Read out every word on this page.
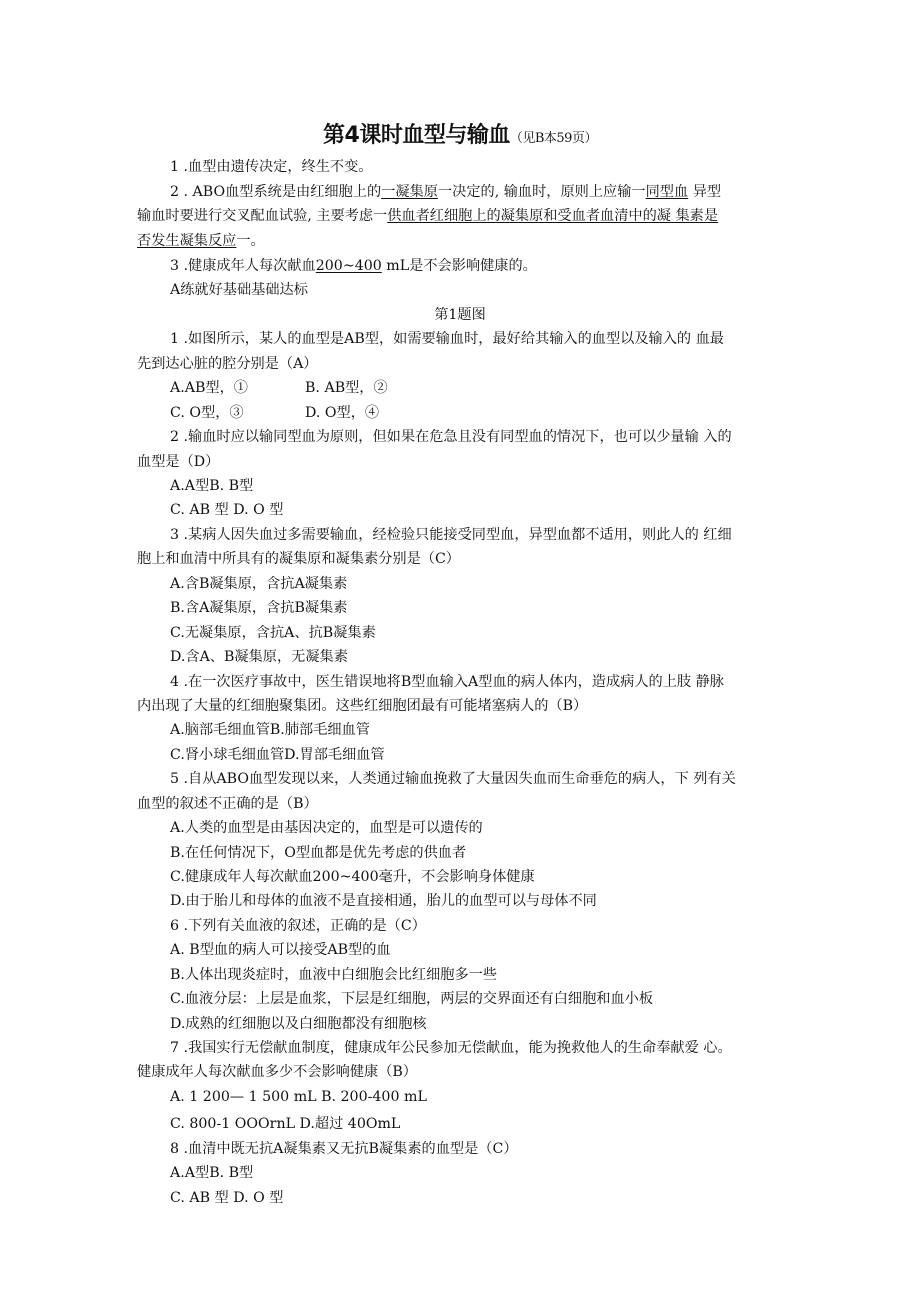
第4课时血型与输血（见B本59页）
1 .血型由遗传决定，终生不变。
2 . ABO血型系统是由红细胞上的一凝集原一决定的, 输血时，原则上应输一同型血 异型
输血时要进行交叉配血试验, 主要考虑一供血者红细胞上的凝集原和受血者血清中的凝 集素是
否发生凝集反应一。
3 .健康成年人每次献血200~400 mL是不会影响健康的。
A练就好基础基础达标
第1题图
1 .如图所示，某人的血型是AB型，如需要输血时，最好给其输入的血型以及输入的 血最
先到达心脏的腔分别是（A）
A.AB型，①	B. AB型，②
C. O型，③	D. O型，④
2 .输血时应以输同型血为原则，但如果在危急且没有同型血的情况下，也可以少量输 入的
血型是（D）
A.A型B. B型
C. AB 型 D. O 型
3 .某病人因失血过多需要输血，经检验只能接受同型血，异型血都不适用，则此人的 红细
胞上和血清中所具有的凝集原和凝集素分别是（C）
A.含B凝集原，含抗A凝集素
B.含A凝集原，含抗B凝集素
C.无凝集原，含抗A、抗B凝集素
D.含A、B凝集原，无凝集素
4 .在一次医疗事故中，医生错误地将B型血输入A型血的病人体内，造成病人的上肢 静脉
内出现了大量的红细胞聚集团。这些红细胞团最有可能堵塞病人的（B）
A.脑部毛细血管B.肺部毛细血管
C.肾小球毛细血管D.胃部毛细血管
5 .自从ABO血型发现以来，人类通过输血挽救了大量因失血而生命垂危的病人，下 列有关
血型的叙述不正确的是（B）
A.人类的血型是由基因决定的，血型是可以遗传的
B.在任何情况下，O型血都是优先考虑的供血者
C.健康成年人每次献血200~400毫升，不会影响身体健康
D.由于胎儿和母体的血液不是直接相通，胎儿的血型可以与母体不同
6 .下列有关血液的叙述，正确的是（C）
A. B型血的病人可以接受AB型的血
B.人体出现炎症时，血液中白细胞会比红细胞多一些
C.血液分层：上层是血浆，下层是红细胞，两层的交界面还有白细胞和血小板
D.成熟的红细胞以及白细胞都没有细胞核
7 .我国实行无偿献血制度，健康成年公民参加无偿献血，能为挽救他人的生命奉献爱 心。
健康成年人每次献血多少不会影响健康（B）
A. 1 200— 1 500 mL B. 200-400 mL
C. 800-1 OOOrnL D.超过 40OmL
8 .血清中既无抗A凝集素又无抗B凝集素的血型是（C）
A.A型B. B型
C. AB 型 D. O 型
